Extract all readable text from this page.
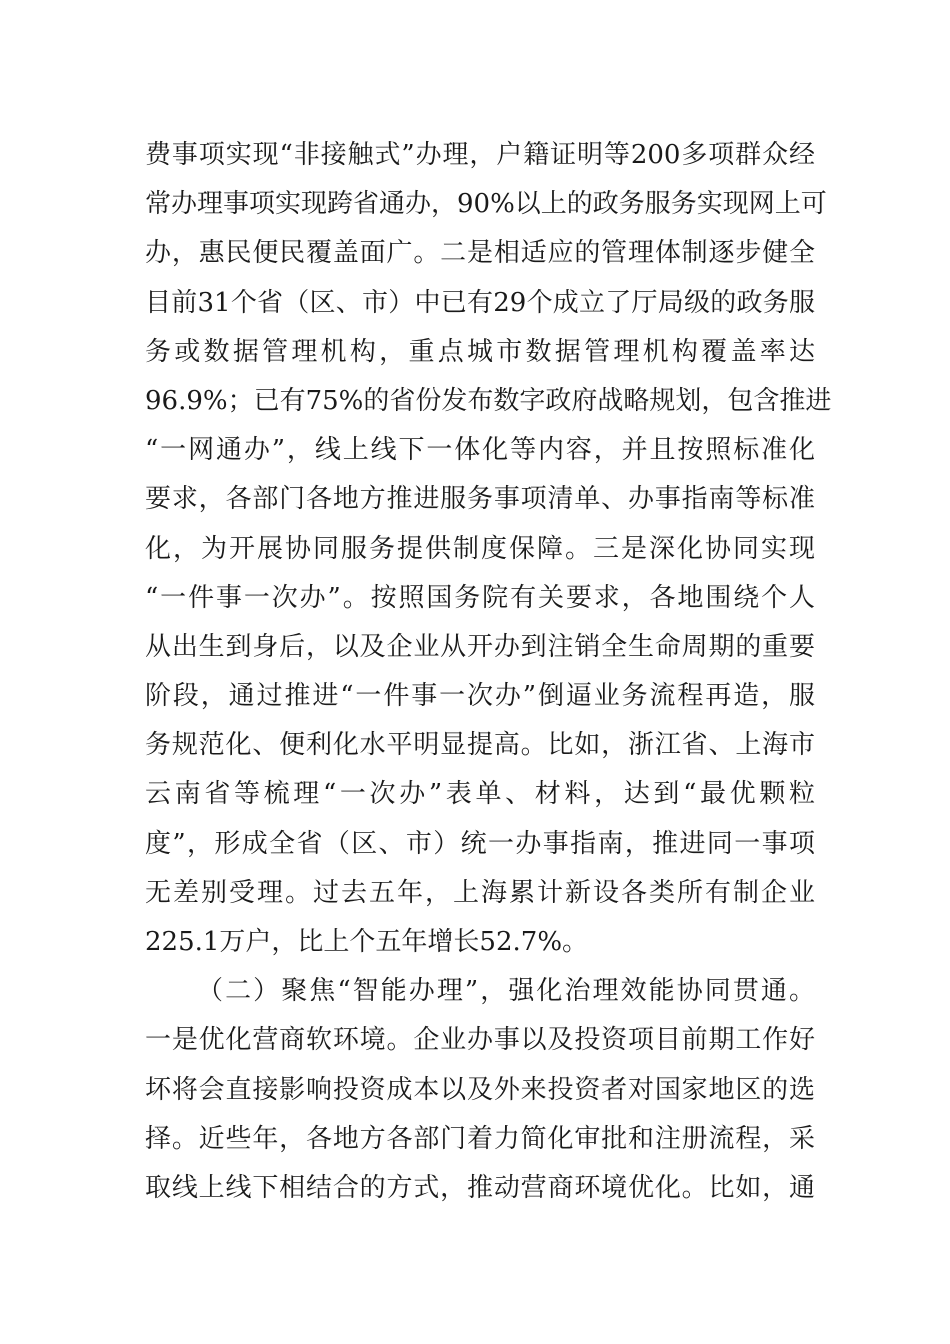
费事项实现“非接触式”办理，户籍证明等200多项群众经
常办理事项实现跨省通办，90%以上的政务服务实现网上可
办，惠民便民覆盖面广。二是相适应的管理体制逐步健全
目前31个省（区、市）中已有29个成立了厅局级的政务服
务或数据管理机构，重点城市数据管理机构覆盖率达
96.9%；已有75%的省份发布数字政府战略规划，包含推进
“一网通办”，线上线下一体化等内容，并且按照标准化
要求，各部门各地方推进服务事项清单、办事指南等标准
化，为开展协同服务提供制度保障。三是深化协同实现
“一件事一次办”。按照国务院有关要求，各地围绕个人
从出生到身后，以及企业从开办到注销全生命周期的重要
阶段，通过推进“一件事一次办”倒逼业务流程再造，服
务规范化、便利化水平明显提高。比如，浙江省、上海市
云南省等梳理“一次办”表单、材料，达到“最优颗粒
度”，形成全省（区、市）统一办事指南，推进同一事项
无差别受理。过去五年，上海累计新设各类所有制企业
225.1万户，比上个五年增长52.7%。
（二）聚焦“智能办理”，强化治理效能协同贯通。
一是优化营商软环境。企业办事以及投资项目前期工作好
坏将会直接影响投资成本以及外来投资者对国家地区的选
择。近些年，各地方各部门着力简化审批和注册流程，采
取线上线下相结合的方式，推动营商环境优化。比如，通
